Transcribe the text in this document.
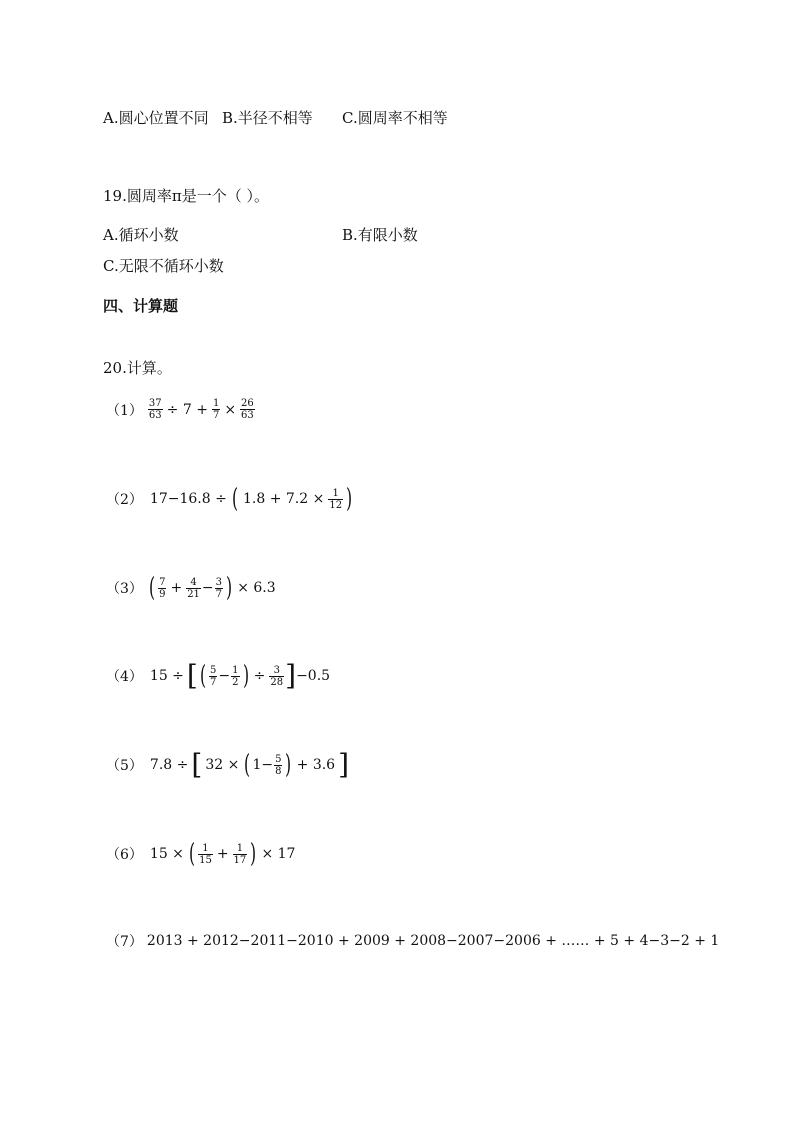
A.圆心位置不同 B.半径不相等 C.圆周率不相等
19.圆周率π是一个（ ）。
A.循环小数	B.有限小数
C.无限不循环小数
四、计算题
20.计算。
$(1) \frac{37}{63} \div 7 + \frac{1}{7} \times \frac{26}{63}$
（2） 17−16.8 ÷ ( $1.8 + 7.2 \times \frac{1}{12}$ )
（3） ( $\frac{7}{9} + \frac{4}{21} - \frac{3}{7}$ ) × 6.3
（4） 15 ÷ [ ( $\frac{5}{7} - \frac{1}{2}$ ) ÷ $\frac{3}{28}$ ] −0.5
（5） 7.8 ÷ [ 32 × ( $1- \frac{5}{8}$ ) + 3.6 ]
（6） 15 × ( $\frac{1}{15} + \frac{1}{17}$ ) × 17
（7） 2013 + 2012−2011−2010 + 2009 + 2008−2007−2006 + …… + 5 + 4−3−2 + 1
